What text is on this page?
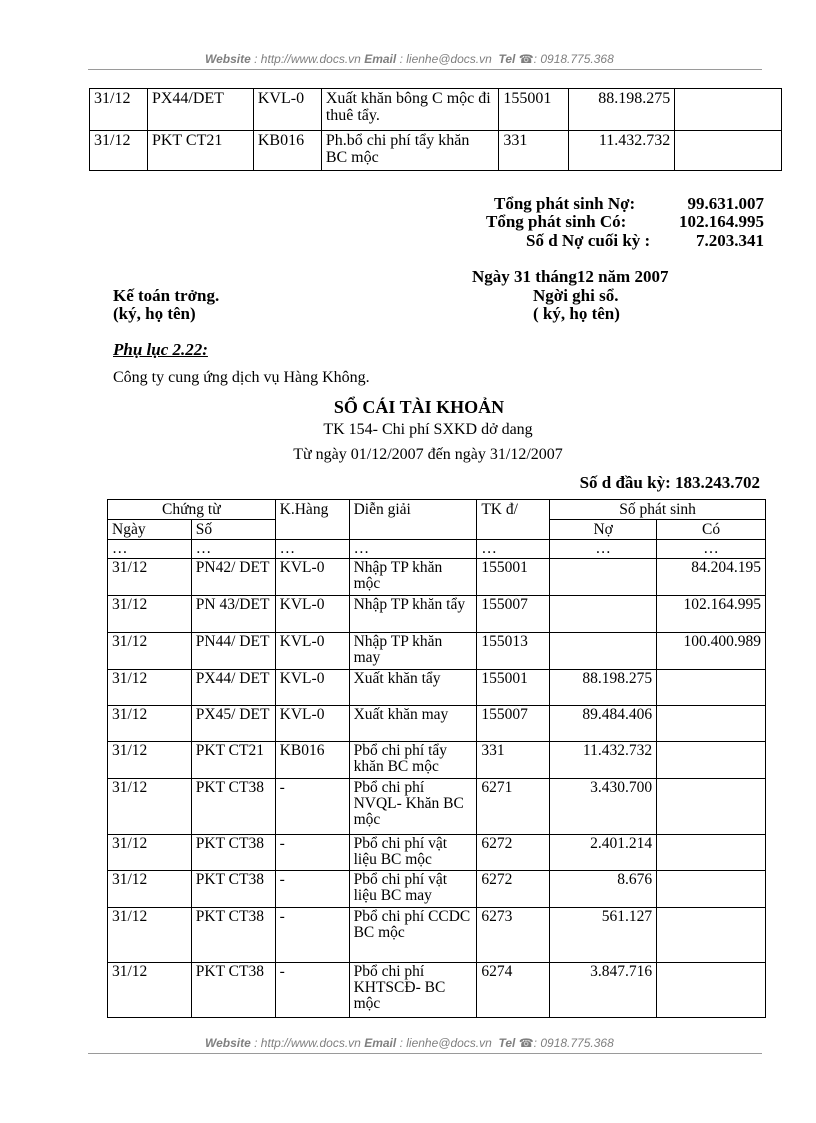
Website : http://www.docs.vn Email : lienhe@docs.vn Tel ☎: 0918.775.368
31/12	PX44/DET	KVL-0	Xuất khăn bông C mộc đi thuê tẩy.	155001	88.198.275	
31/12	PKT CT21	KB016	Ph.bổ chi phí tẩy khăn BC mộc	331	11.432.732	
Tổng phát sinh Nợ:	99.631.007
Tổng phát sinh Có:	102.164.995
Số d Nợ cuối kỳ :	7.203.341
Ngày 31 tháng12 năm 2007
Kế toán trởng.
(ký, họ tên)
Ngời ghi sổ.
( ký, họ tên)
Phụ lục 2.22:
Công ty cung ứng dịch vụ Hàng Không.
SỔ CÁI TÀI KHOẢN
TK 154- Chi phí SXKD dở dang
Từ ngày 01/12/2007 đến ngày 31/12/2007
Số d đầu kỳ: 183.243.702
Chứng từ		K.Hàng	Diễn giải	TK đ/	Số phát sinh	
Ngày	Số				Nợ	Có
…	…	…	…	…	…	…
31/12	PN42/ DET	KVL-0	Nhập TP khăn mộc	155001		84.204.195
31/12	PN 43/DET	KVL-0	Nhập TP khăn tẩy	155007		102.164.995
31/12	PN44/ DET	KVL-0	Nhập TP khăn may	155013		100.400.989
31/12	PX44/ DET	KVL-0	Xuất khăn tẩy	155001	88.198.275	
31/12	PX45/ DET	KVL-0	Xuất khăn may	155007	89.484.406	
31/12	PKT CT21	KB016	Pbổ chi phí tẩy khăn BC mộc	331	11.432.732	
31/12	PKT CT38	-	Pbổ chi phí NVQL- Khăn BC mộc	6271	3.430.700	
31/12	PKT CT38	-	Pbổ chi phí vật liệu BC mộc	6272	2.401.214	
31/12	PKT CT38	-	Pbổ chi phí vật liệu BC may	6272	8.676	
31/12	PKT CT38	-	Pbổ chi phí CCDC BC mộc	6273	561.127	
31/12	PKT CT38	-	Pbổ chi phí KHTSCĐ- BC mộc	6274	3.847.716	
Website : http://www.docs.vn Email : lienhe@docs.vn Tel ☎: 0918.775.368
